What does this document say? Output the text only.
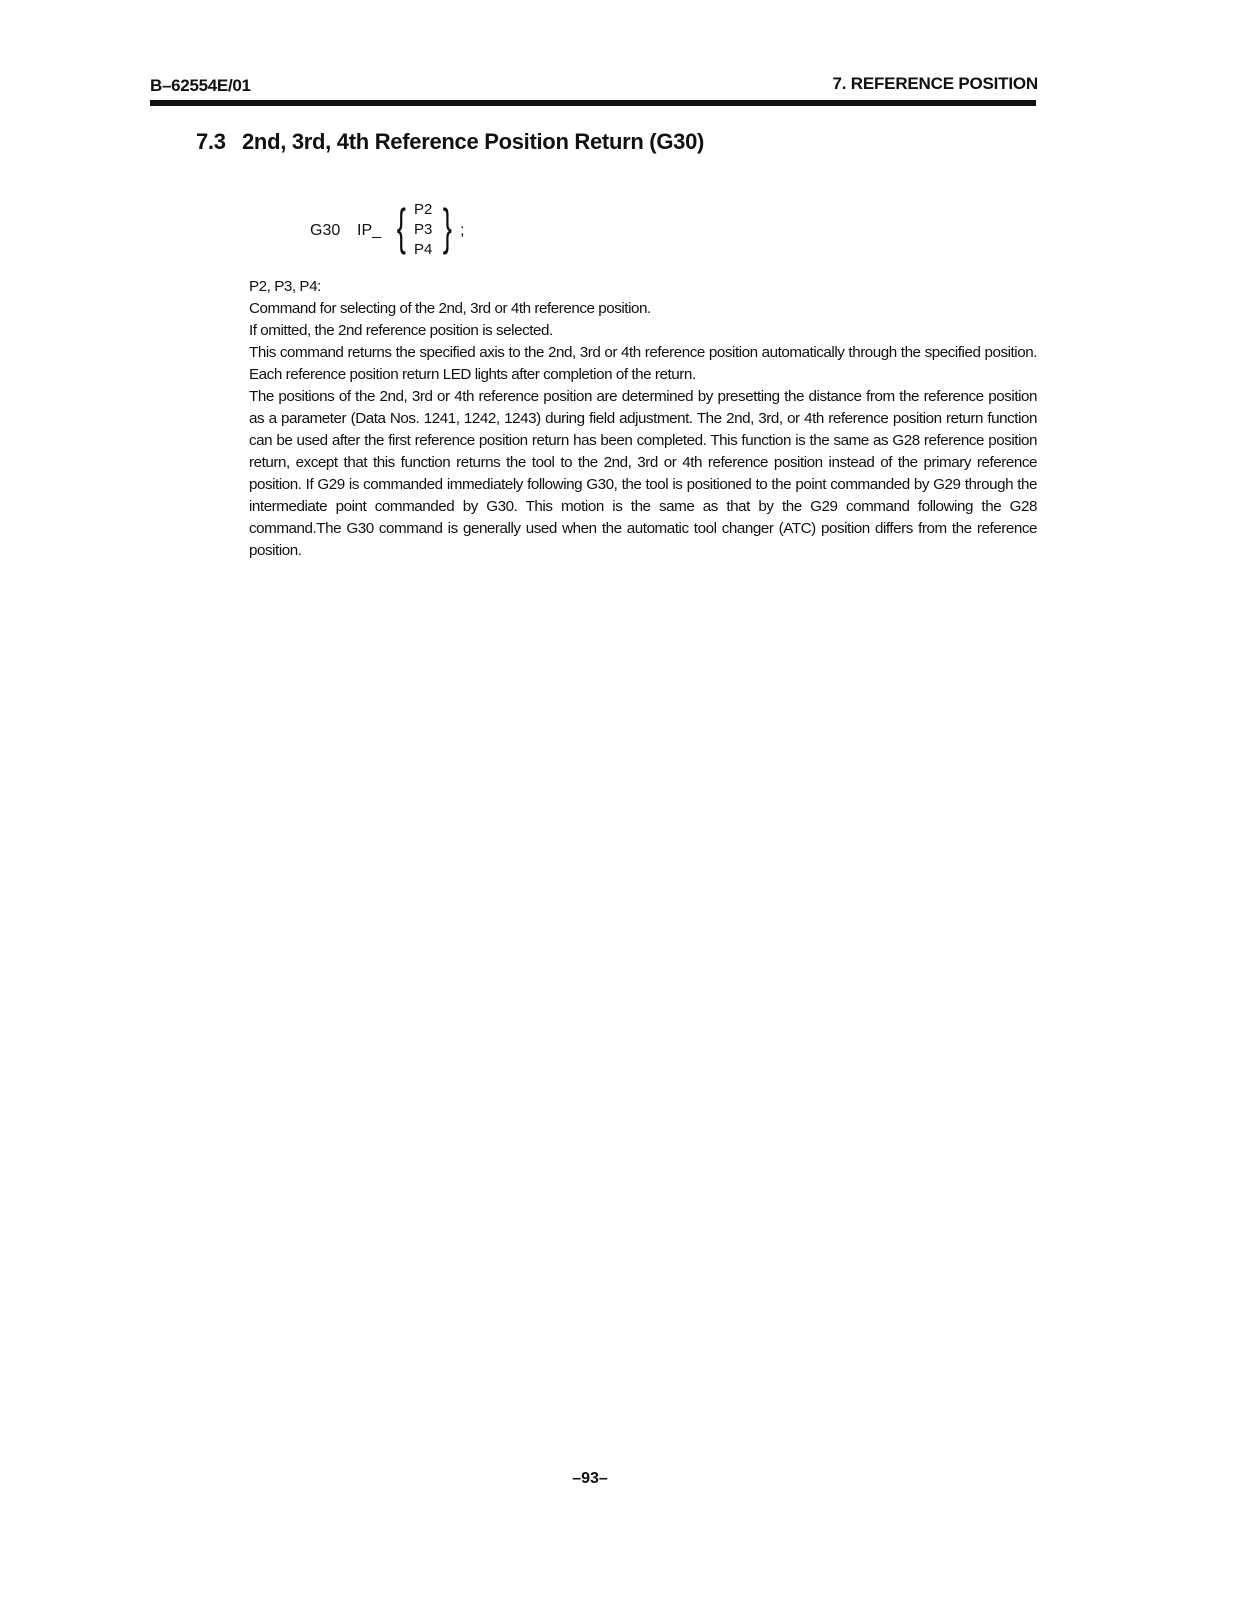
B–62554E/01	7. REFERENCE POSITION
7.3 2nd, 3rd, 4th Reference Position Return (G30)
G30 IP_ { P2
P3
P4 } ;

P2, P3, P4:

Command for selecting of the 2nd, 3rd or 4th reference position.

If omitted, the 2nd reference position is selected.

This command returns the specified axis to the 2nd, 3rd or 4th reference position automatically through the specified position. Each reference position return LED lights after completion of the return.

The positions of the 2nd, 3rd or 4th reference position are determined by presetting the distance from the reference position as a parameter (Data Nos. 1241, 1242, 1243) during field adjustment. The 2nd, 3rd, or 4th reference position return function can be used after the first reference position return has been completed. This function is the same as G28 reference position return, except that this function returns the tool to the 2nd, 3rd or 4th reference position instead of the primary reference position. If G29 is commanded immediately following G30, the tool is positioned to the point commanded by G29 through the intermediate point commanded by G30. This motion is the same as that by the G29 command following the G28 command.The G30 command is generally used when the automatic tool changer (ATC) position differs from the reference position.

–93–
